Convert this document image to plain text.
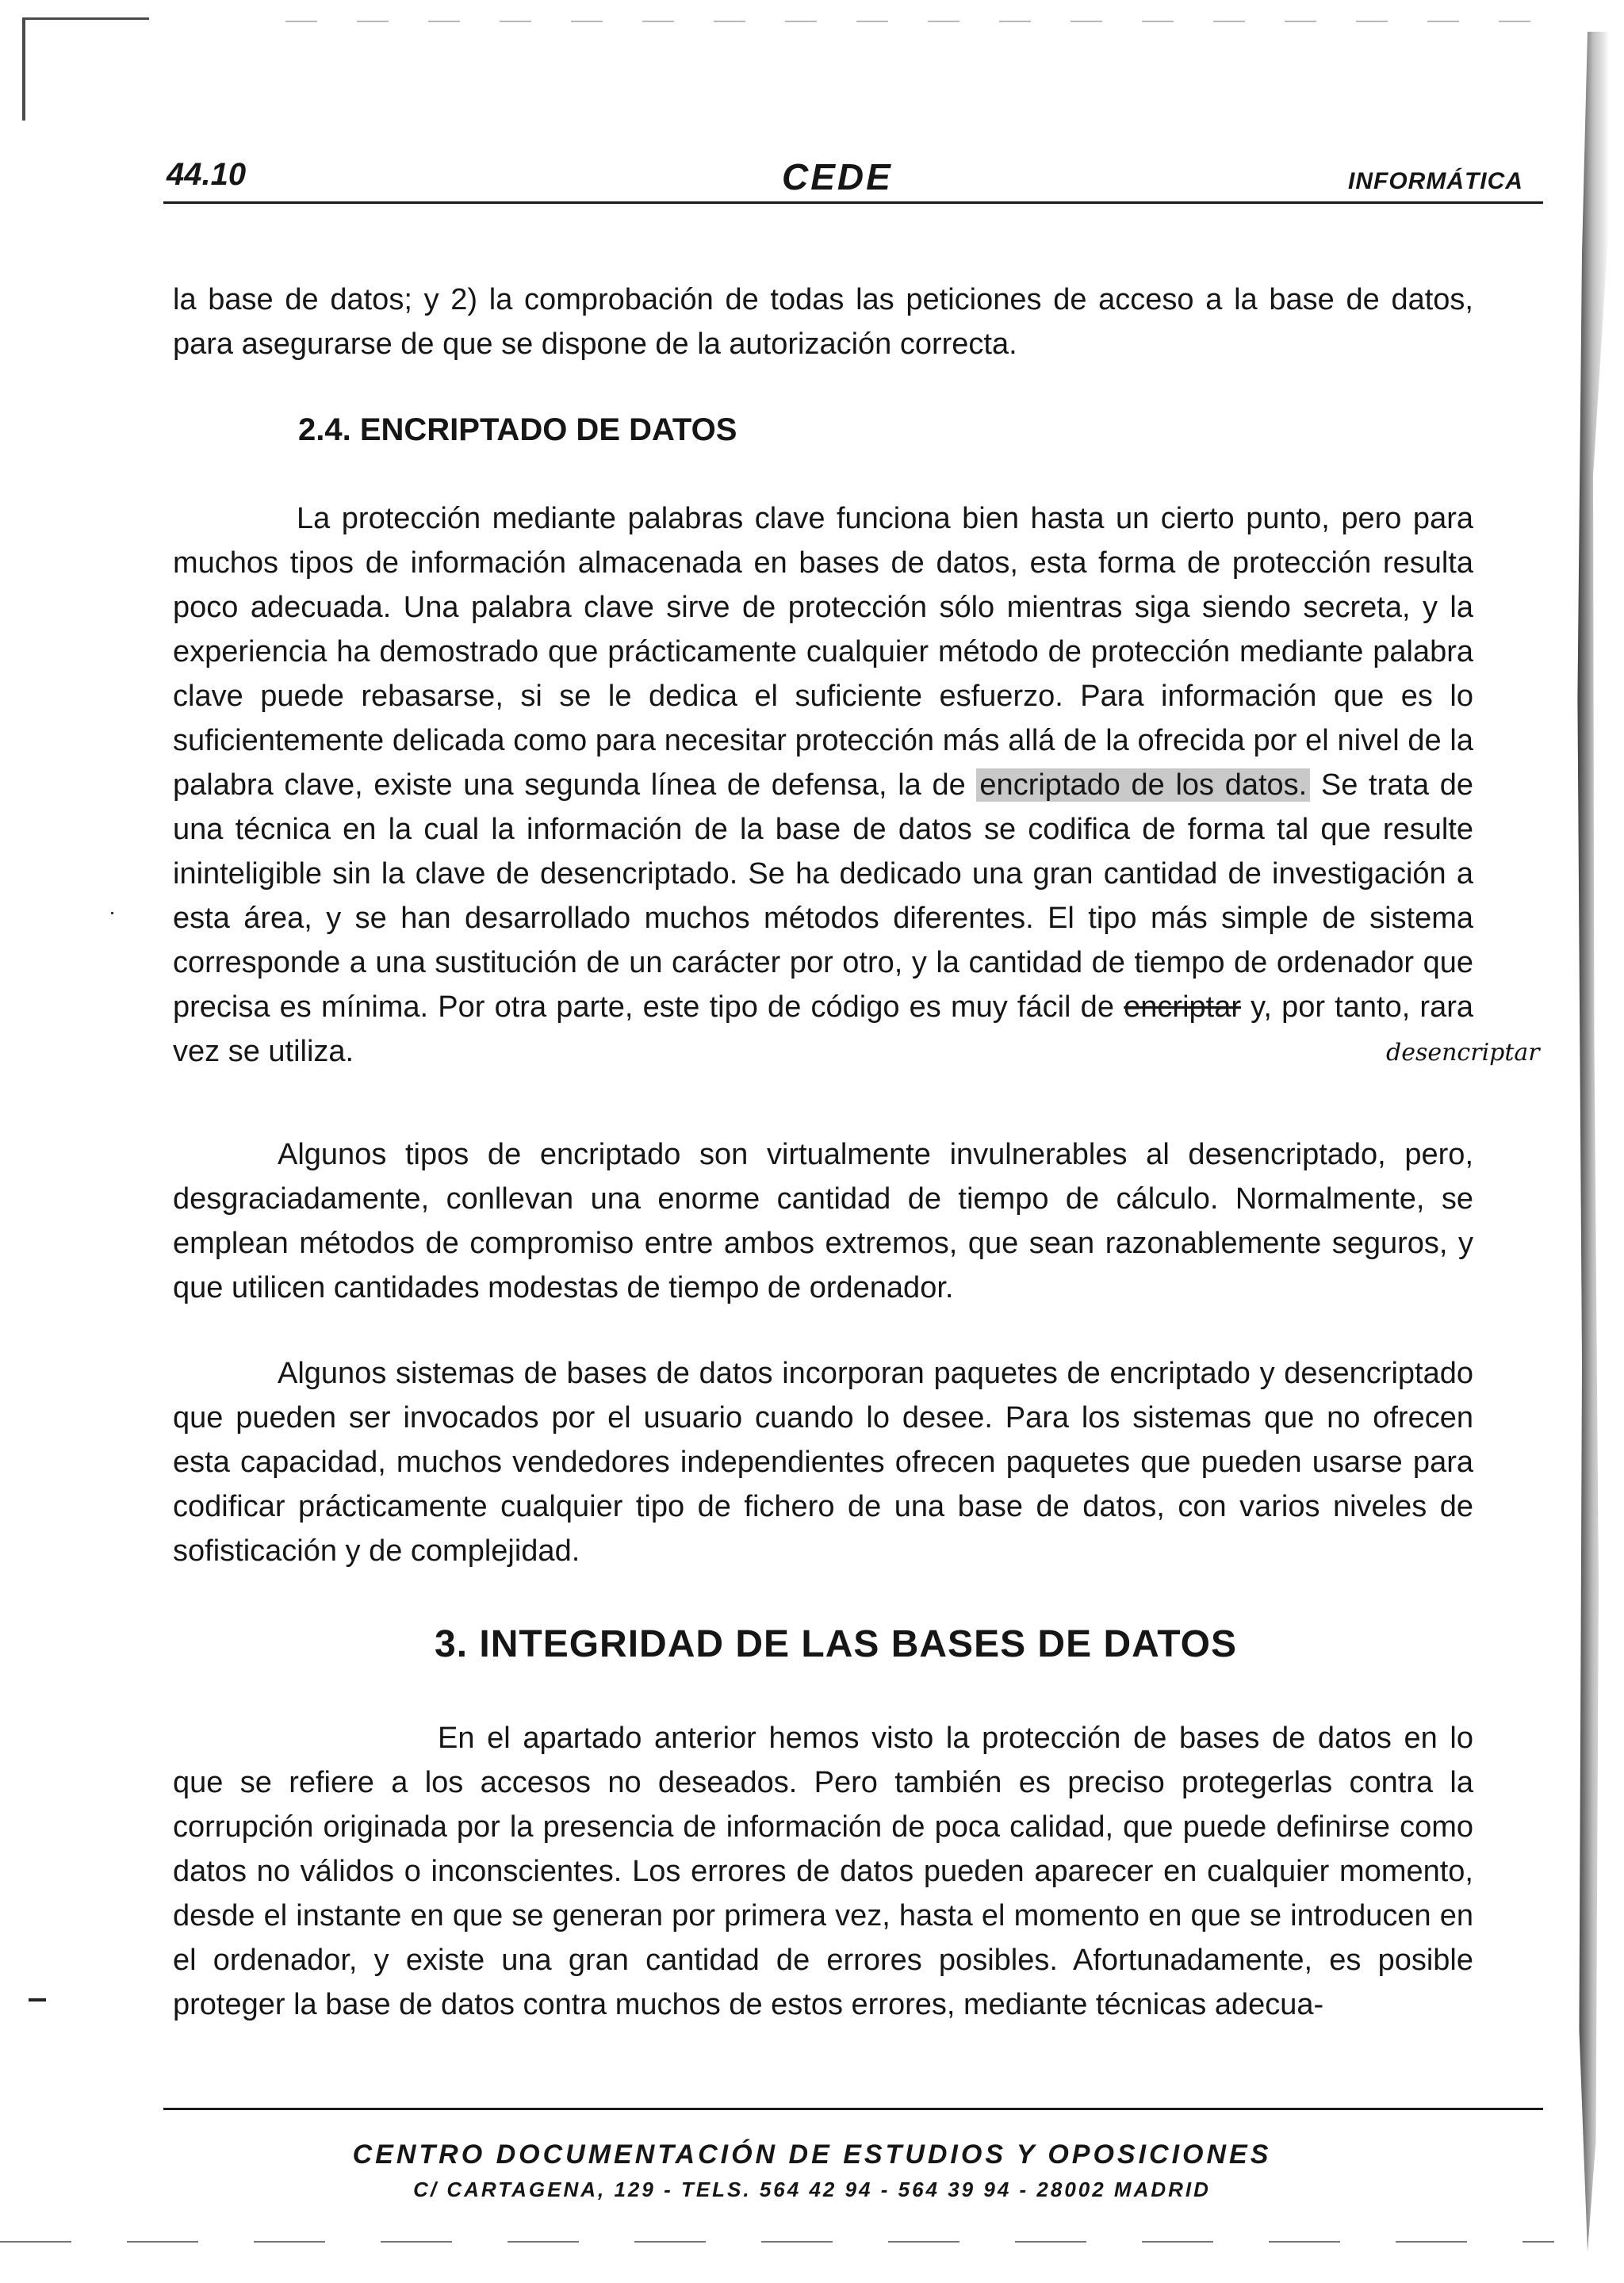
44.10	CEDE	INFORMÁTICA
la base de datos; y 2) la comprobación de todas las peticiones de acceso a la base de datos, para asegurarse de que se dispone de la autorización correcta.
2.4. ENCRIPTADO DE DATOS
La protección mediante palabras clave funciona bien hasta un cierto punto, pero para muchos tipos de información almacenada en bases de datos, esta forma de protección resulta poco adecuada. Una palabra clave sirve de protección sólo mientras siga siendo secreta, y la experiencia ha demostrado que prácticamente cualquier método de protección mediante palabra clave puede rebasarse, si se le dedica el suficiente esfuerzo. Para información que es lo suficientemente delicada como para necesitar protección más allá de la ofrecida por el nivel de la palabra clave, existe una segunda línea de defensa, la de encriptado de los datos. Se trata de una técnica en la cual la información de la base de datos se codifica de forma tal que resulte ininteligible sin la clave de desencriptado. Se ha dedicado una gran cantidad de investigación a esta área, y se han desarrollado muchos métodos diferentes. El tipo más simple de sistema corresponde a una sustitución de un carácter por otro, y la cantidad de tiempo de ordenador que precisa es mínima. Por otra parte, este tipo de código es muy fácil de encriptar y, por tanto, rara vez se utiliza.	desencriptar
Algunos tipos de encriptado son virtualmente invulnerables al desencriptado, pero, desgraciadamente, conllevan una enorme cantidad de tiempo de cálculo. Normalmente, se emplean métodos de compromiso entre ambos extremos, que sean razonablemente seguros, y que utilicen cantidades modestas de tiempo de ordenador.
Algunos sistemas de bases de datos incorporan paquetes de encriptado y desencriptado que pueden ser invocados por el usuario cuando lo desee. Para los sistemas que no ofrecen esta capacidad, muchos vendedores independientes ofrecen paquetes que pueden usarse para codificar prácticamente cualquier tipo de fichero de una base de datos, con varios niveles de sofisticación y de complejidad.
3. INTEGRIDAD DE LAS BASES DE DATOS
En el apartado anterior hemos visto la protección de bases de datos en lo que se refiere a los accesos no deseados. Pero también es preciso protegerlas contra la corrupción originada por la presencia de información de poca calidad, que puede definirse como datos no válidos o inconscientes. Los errores de datos pueden aparecer en cualquier momento, desde el instante en que se generan por primera vez, hasta el momento en que se introducen en el ordenador, y existe una gran cantidad de errores posibles. Afortunadamente, es posible proteger la base de datos contra muchos de estos errores, mediante técnicas adecua-
CENTRO DOCUMENTACIÓN DE ESTUDIOS Y OPOSICIONES
C/ CARTAGENA, 129 - TELS. 564 42 94 - 564 39 94 - 28002 MADRID
